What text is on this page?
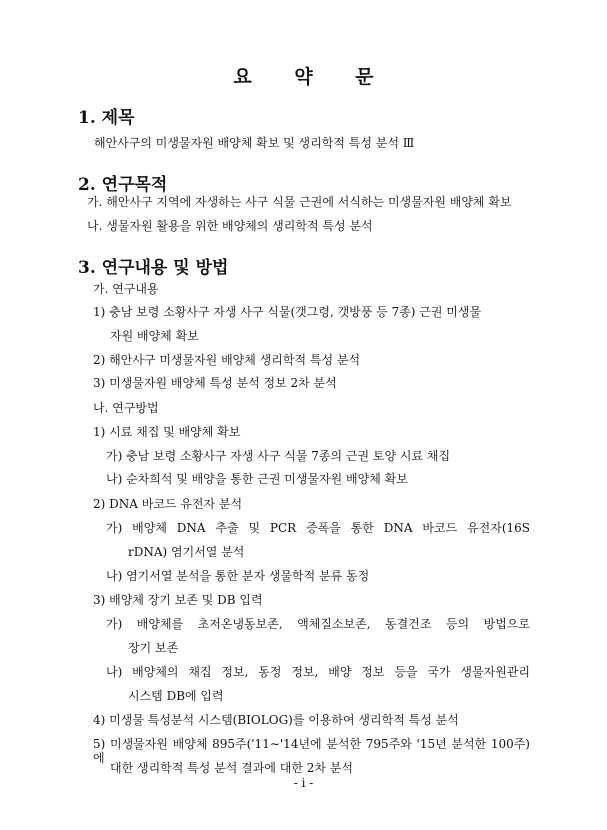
요 약 문
1. 제목
해안사구의 미생물자원 배양체 확보 및 생리학적 특성 분석 Ⅲ
2. 연구목적
가. 해안사구 지역에 자생하는 사구 식물 근권에 서식하는 미생물자원 배양체 확보
나. 생물자원 활용을 위한 배양체의 생리학적 특성 분석
3. 연구내용 및 방법
가. 연구내용
1) 충남 보령 소황사구 자생 사구 식물(갯그령, 갯방풍 등 7종) 근권 미생물
자원 배양체 확보
2) 해안사구 미생물자원 배양체 생리학적 특성 분석
3) 미생물자원 배양체 특성 분석 정보 2차 분석
나. 연구방법
1) 시료 채집 및 배양체 확보
가) 충남 보령 소황사구 자생 사구 식물 7종의 근권 토양 시료 채집
나) 순차희석 및 배양을 통한 근권 미생물자원 배양체 확보
2) DNA 바코드 유전자 분석
가) 배양체 DNA 추출 및 PCR 증폭을 통한 DNA 바코드 유전자(16S
rDNA) 염기서열 분석
나) 염기서열 분석을 통한 분자 생물학적 분류 동정
3) 배양체 장기 보존 및 DB 입력
가) 배양체를 초저온냉동보존, 액체질소보존, 동결건조 등의 방법으로
장기 보존
나) 배양체의 채집 정보, 동정 정보, 배양 정보 등을 국가 생물자원관리
시스템 DB에 입력
4) 미생물 특성분석 시스템(BIOLOG)를 이용하여 생리학적 특성 분석
5) 미생물자원 배양체 895주('11∼'14년에 분석한 795주와 '15년 분석한 100주)에
대한 생리학적 특성 분석 결과에 대한 2차 분석
- i -
